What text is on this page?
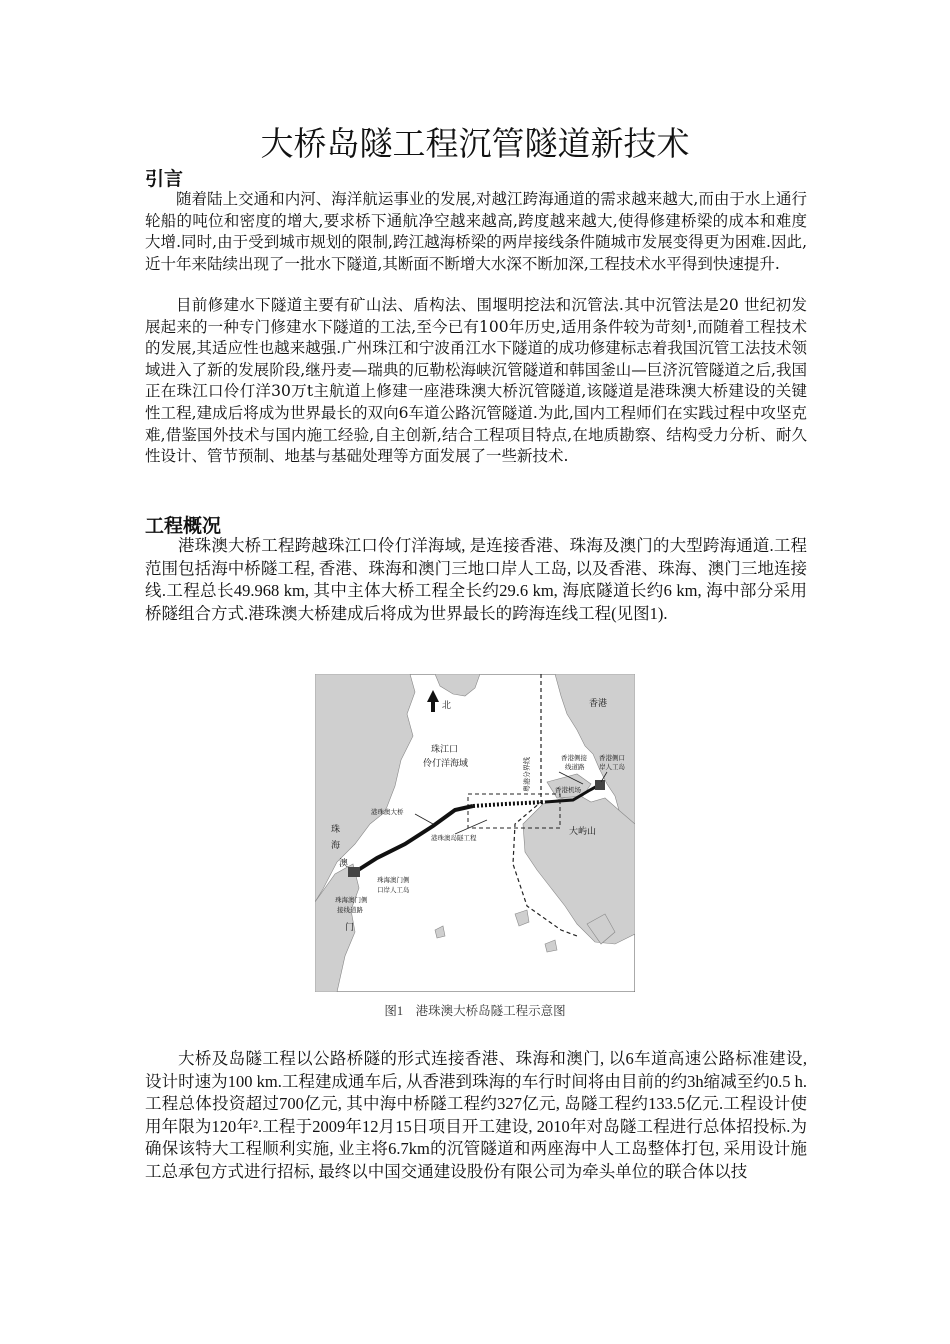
大桥岛隧工程沉管隧道新技术
引言

随着陆上交通和内河、海洋航运事业的发展,对越江跨海通道的需求越来越大,而由于水上通行轮船的吨位和密度的增大,要求桥下通航净空越来越高,跨度越来越大,使得修建桥梁的成本和难度大增.同时,由于受到城市规划的限制,跨江越海桥梁的两岸接线条件随城市发展变得更为困难.因此,近十年来陆续出现了一批水下隧道,其断面不断增大水深不断加深,工程技术水平得到快速提升.

目前修建水下隧道主要有矿山法、盾构法、围堰明挖法和沉管法.其中沉管法是20 世纪初发展起来的一种专门修建水下隧道的工法,至今已有100年历史,适用条件较为苛刻¹,而随着工程技术的发展,其适应性也越来越强.广州珠江和宁波甬江水下隧道的成功修建标志着我国沉管工法技术领域进入了新的发展阶段,继丹麦—瑞典的厄勒松海峡沉管隧道和韩国釜山—巨济沉管隧道之后,我国正在珠江口伶仃洋30万t主航道上修建一座港珠澳大桥沉管隧道,该隧道是港珠澳大桥建设的关键性工程,建成后将成为世界最长的双向6车道公路沉管隧道.为此,国内工程师们在实践过程中攻坚克难,借鉴国外技术与国内施工经验,自主创新,结合工程项目特点,在地质勘察、结构受力分析、耐久性设计、管节预制、地基与基础处理等方面发展了一些新技术.

工程概况

港珠澳大桥工程跨越珠江口伶仃洋海域, 是连接香港、珠海及澳门的大型跨海通道.工程范围包括海中桥隧工程, 香港、珠海和澳门三地口岸人工岛, 以及香港、珠海、澳门三地连接线.工程总长49.968 km, 其中主体大桥工程全长约29.6 km, 海底隧道长约6 km, 海中部分采用桥隧组合方式.港珠澳大桥建成后将成为世界最长的跨海连线工程(见图1).

北
珠江口
伶仃洋海域	粤港分界线
香港
香港侧接
线道路
香港侧口
岸人工岛
香港机场
大屿山
港珠澳大桥
港珠澳岛隧工程
珠
海
澳
门
珠海澳门侧
口岸人工岛
珠海澳门侧
接线道路
图1　港珠澳大桥岛隧工程示意图

大桥及岛隧工程以公路桥隧的形式连接香港、珠海和澳门, 以6车道高速公路标准建设, 设计时速为100 km.工程建成通车后, 从香港到珠海的车行时间将由目前的约3h缩减至约0.5 h.工程总体投资超过700亿元, 其中海中桥隧工程约327亿元, 岛隧工程约133.5亿元.工程设计使用年限为120年².工程于2009年12月15日项目开工建设, 2010年对岛隧工程进行总体招投标.为确保该特大工程顺利实施, 业主将6.7km的沉管隧道和两座海中人工岛整体打包, 采用设计施工总承包方式进行招标, 最终以中国交通建设股份有限公司为牵头单位的联合体以技
